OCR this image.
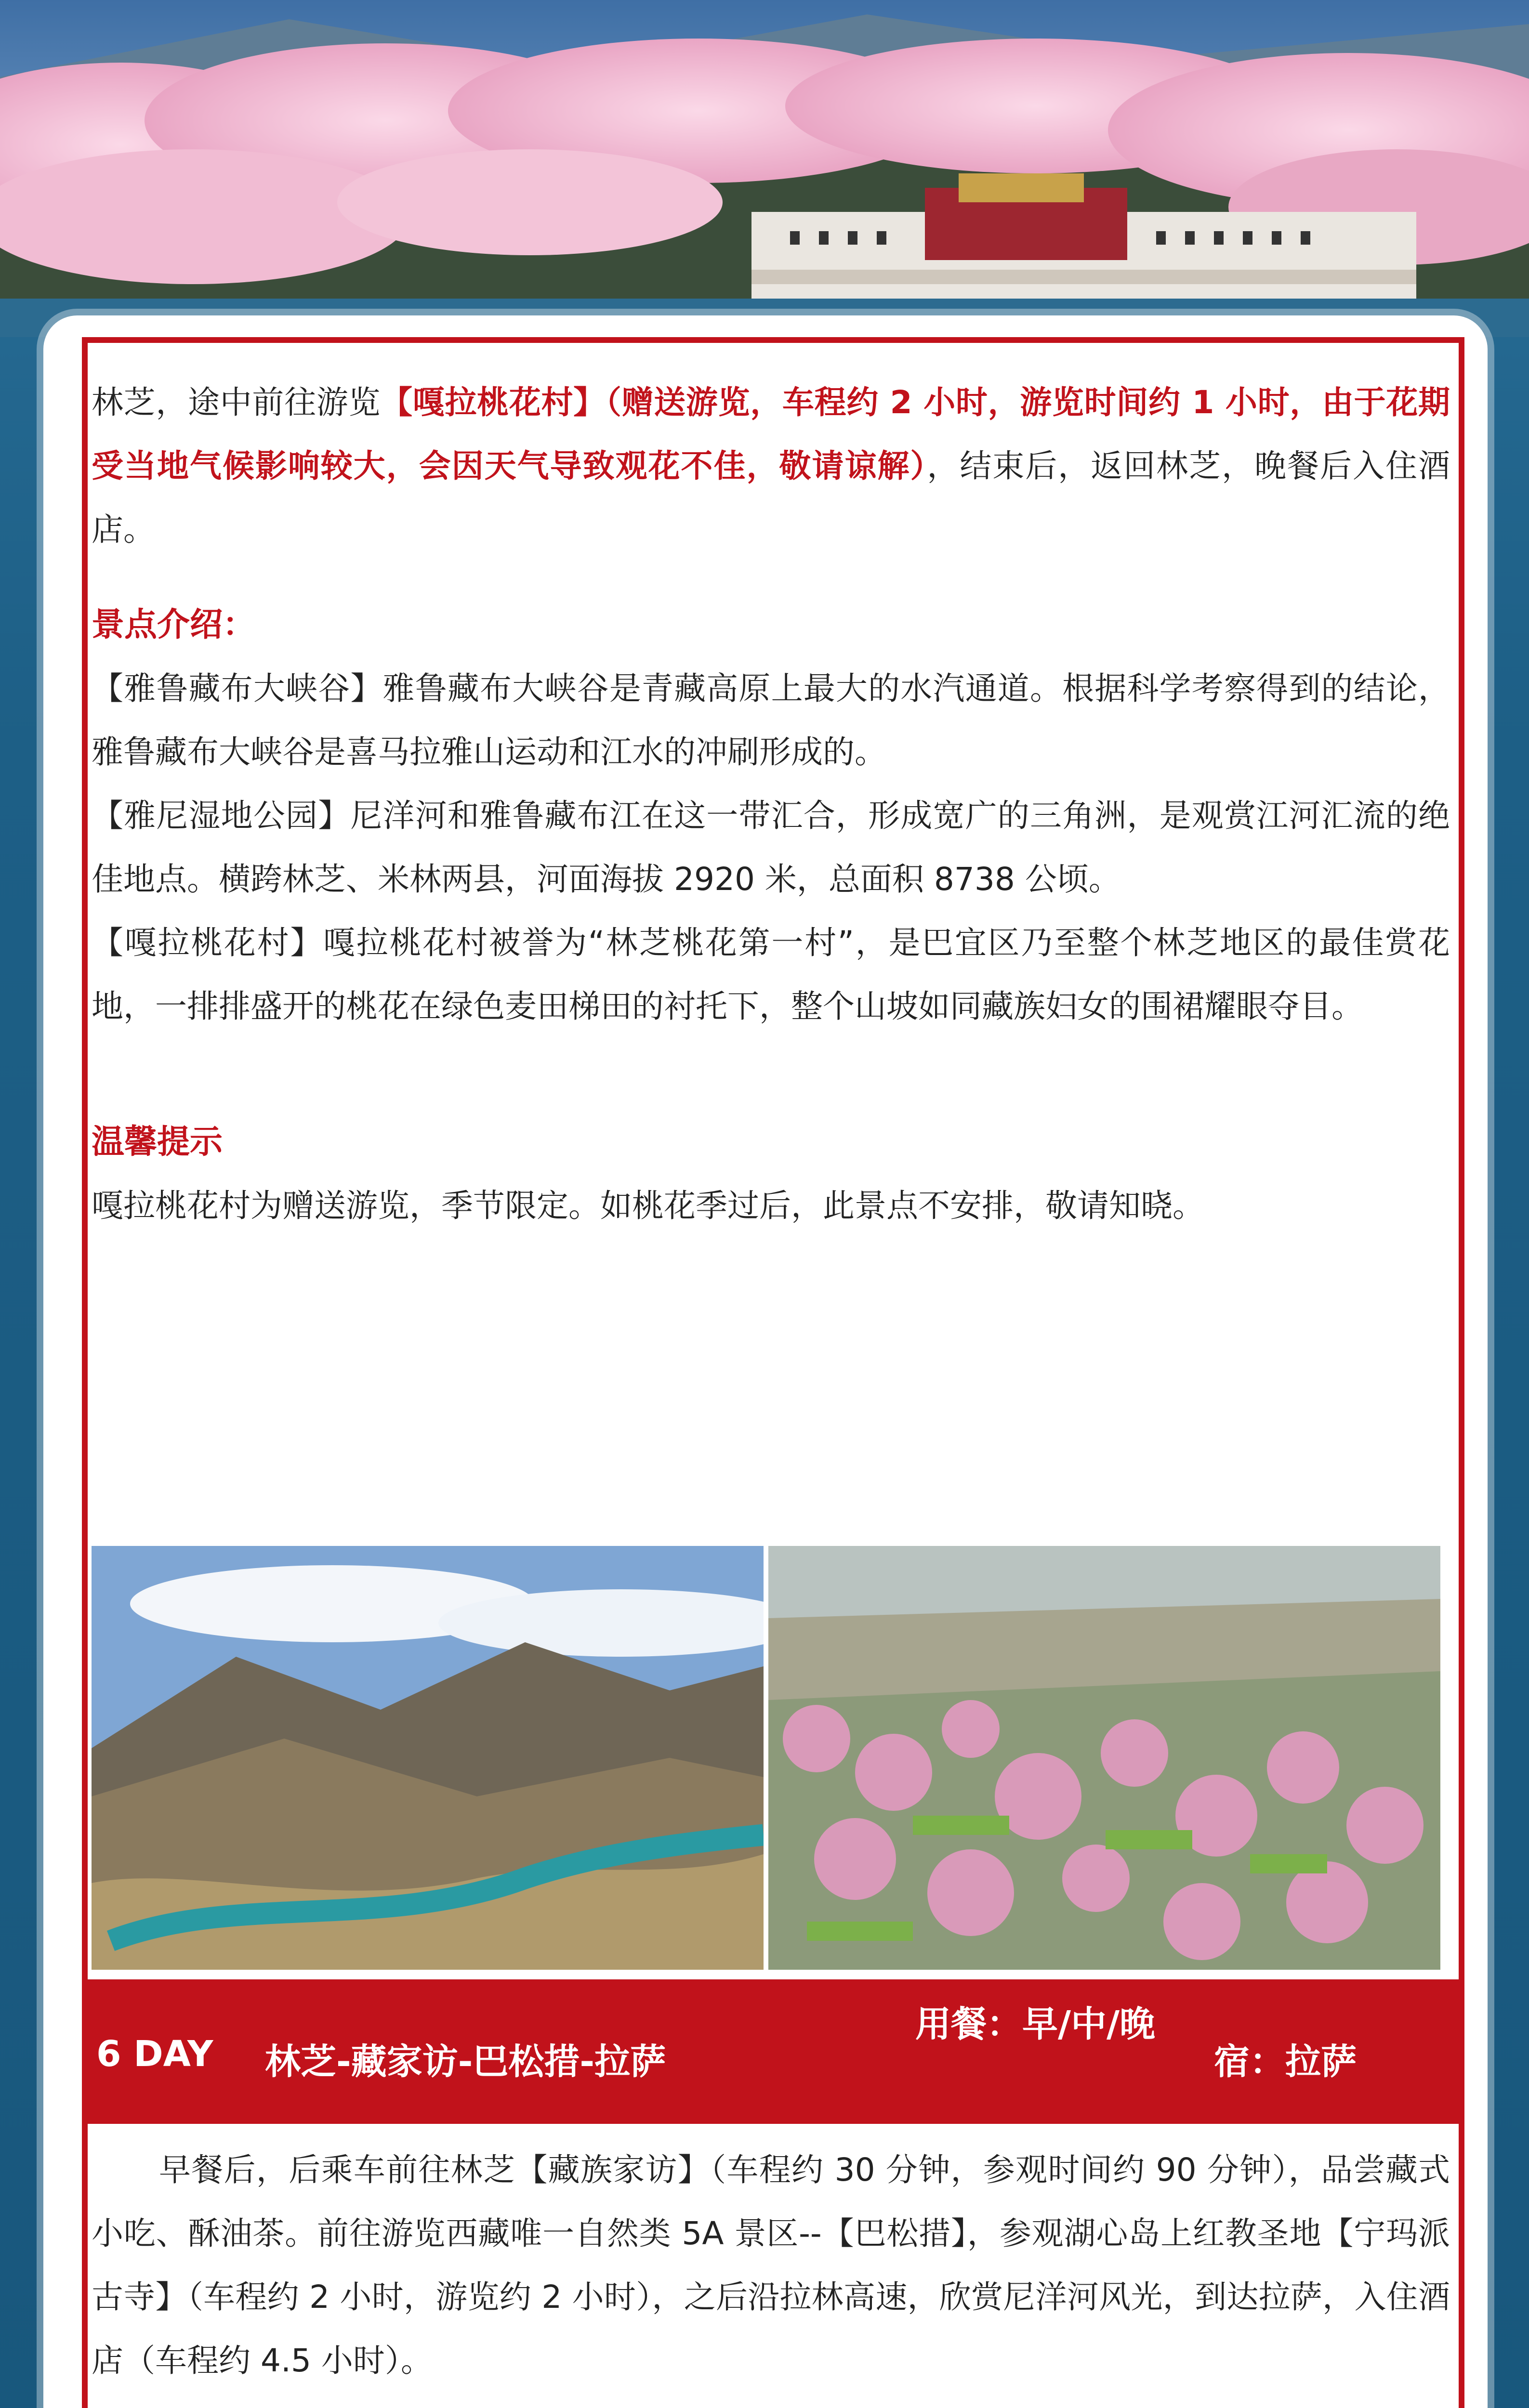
林芝，途中前往游览【嘎拉桃花村】（赠送游览，车程约 2 小时，游览时间约 1 小时，由于花期受当地气候影响较大，会因天气导致观花不佳，敬请谅解），结束后，返回林芝，晚餐后入住酒店。

景点介绍：

【雅鲁藏布大峡谷】雅鲁藏布大峡谷是青藏高原上最大的水汽通道。根据科学考察得到的结论，雅鲁藏布大峡谷是喜马拉雅山运动和江水的冲刷形成的。

【雅尼湿地公园】尼洋河和雅鲁藏布江在这一带汇合，形成宽广的三角洲，是观赏江河汇流的绝佳地点。横跨林芝、米林两县，河面海拔 2920 米，总面积 8738 公顷。

【嘎拉桃花村】嘎拉桃花村被誉为“林芝桃花第一村”，是巴宜区乃至整个林芝地区的最佳赏花地，一排排盛开的桃花在绿色麦田梯田的衬托下，整个山坡如同藏族妇女的围裙耀眼夺目。

温馨提示

嘎拉桃花村为赠送游览，季节限定。如桃花季过后，此景点不安排，敬请知晓。

6 DAY 林芝-藏家访-巴松措-拉萨
用餐：早/中/晚
宿：拉萨

早餐后，后乘车前往林芝【藏族家访】（车程约 30 分钟，参观时间约 90 分钟），品尝藏式小吃、酥油茶。前往游览西藏唯一自然类 5A 景区--【巴松措】，参观湖心岛上红教圣地【宁玛派古寺】（车程约 2 小时，游览约 2 小时），之后沿拉林高速，欣赏尼洋河风光，到达拉萨，入住酒店（车程约 4.5 小时）。
